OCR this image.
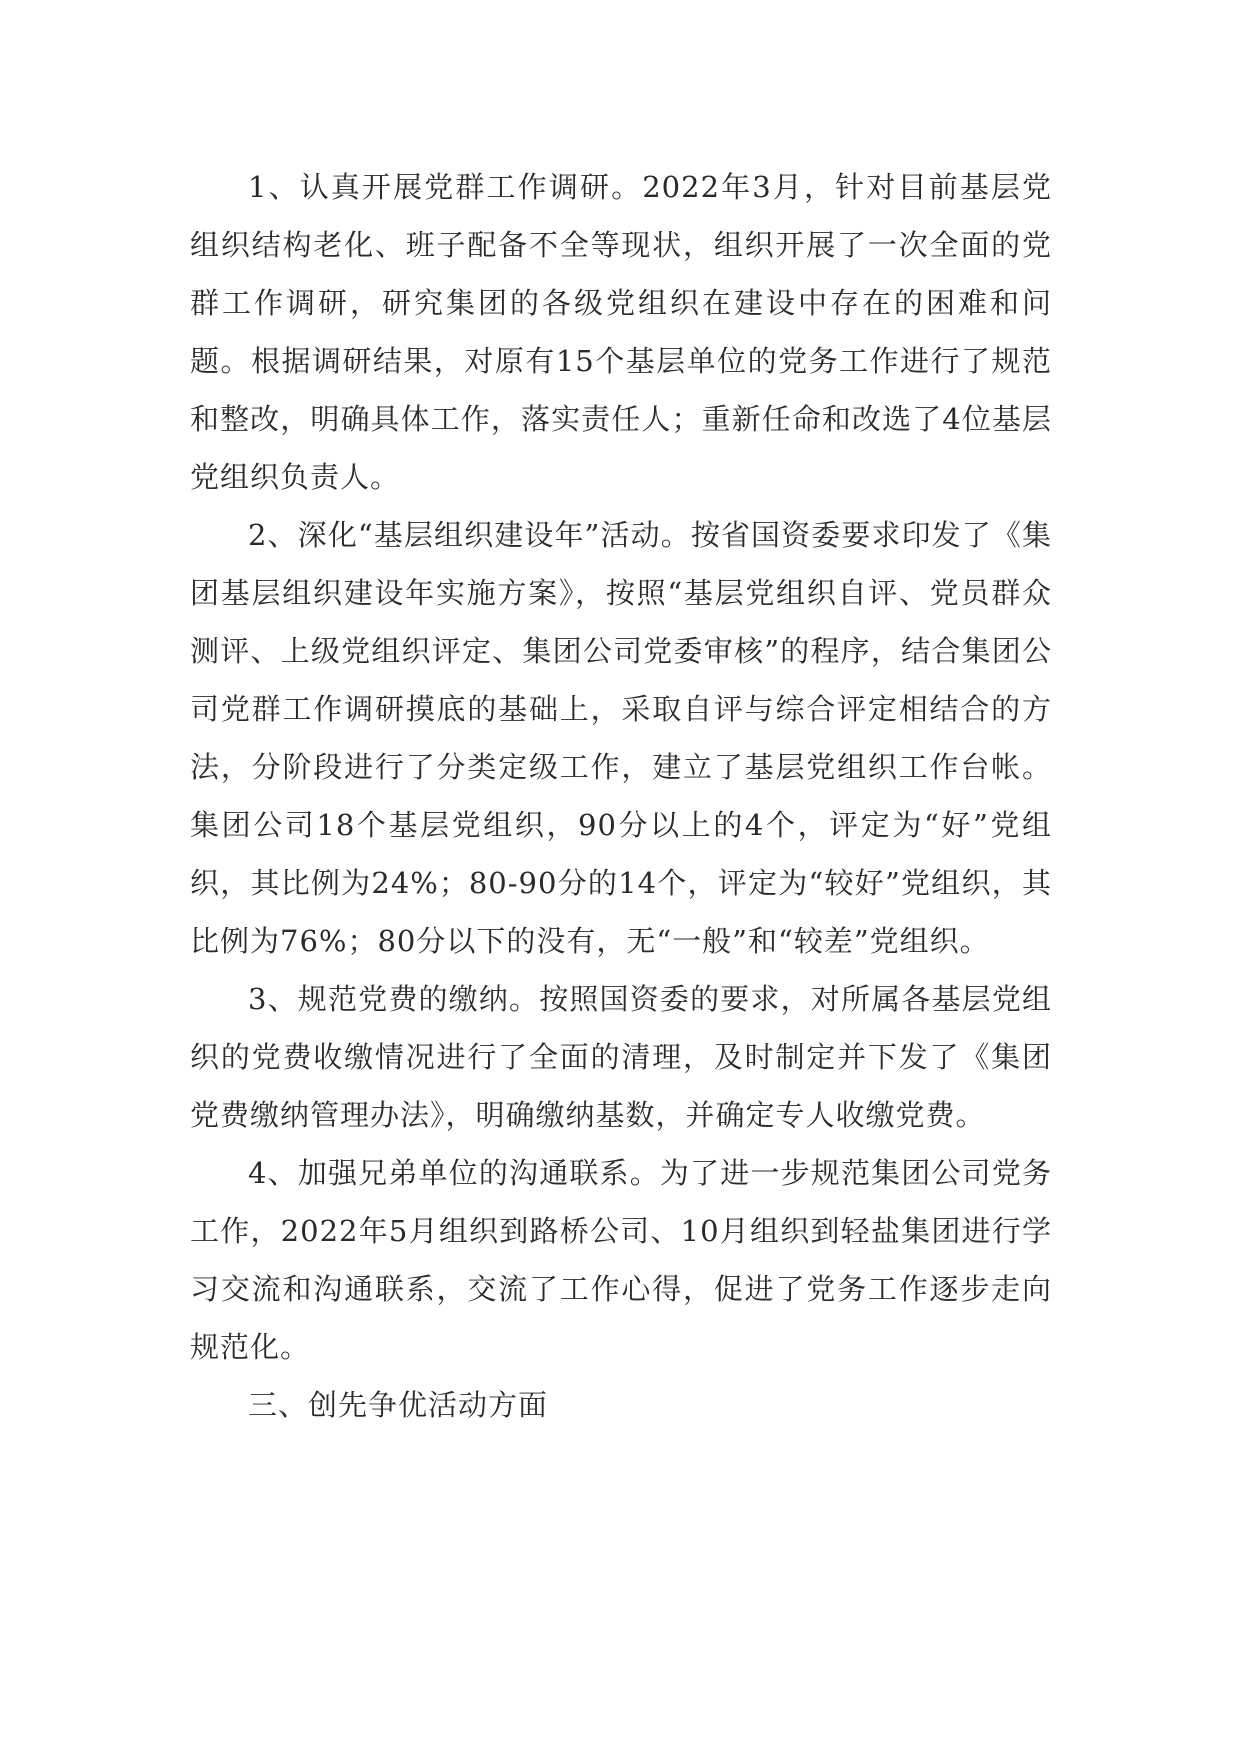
1、认真开展党群工作调研。2022年3月，针对目前基层党组织结构老化、班子配备不全等现状，组织开展了一次全面的党群工作调研，研究集团的各级党组织在建设中存在的困难和问题。根据调研结果，对原有15个基层单位的党务工作进行了规范和整改，明确具体工作，落实责任人；重新任命和改选了4位基层党组织负责人。

2、深化“基层组织建设年”活动。按省国资委要求印发了《集团基层组织建设年实施方案》，按照“基层党组织自评、党员群众测评、上级党组织评定、集团公司党委审核”的程序，结合集团公司党群工作调研摸底的基础上，采取自评与综合评定相结合的方法，分阶段进行了分类定级工作，建立了基层党组织工作台帐。集团公司18个基层党组织，90分以上的4个，评定为“好”党组织，其比例为24%；80-90分的14个，评定为“较好”党组织，其比例为76%；80分以下的没有，无“一般”和“较差”党组织。

3、规范党费的缴纳。按照国资委的要求，对所属各基层党组织的党费收缴情况进行了全面的清理，及时制定并下发了《集团党费缴纳管理办法》，明确缴纳基数，并确定专人收缴党费。

4、加强兄弟单位的沟通联系。为了进一步规范集团公司党务工作，2022年5月组织到路桥公司、10月组织到轻盐集团进行学习交流和沟通联系，交流了工作心得，促进了党务工作逐步走向规范化。

三、创先争优活动方面
